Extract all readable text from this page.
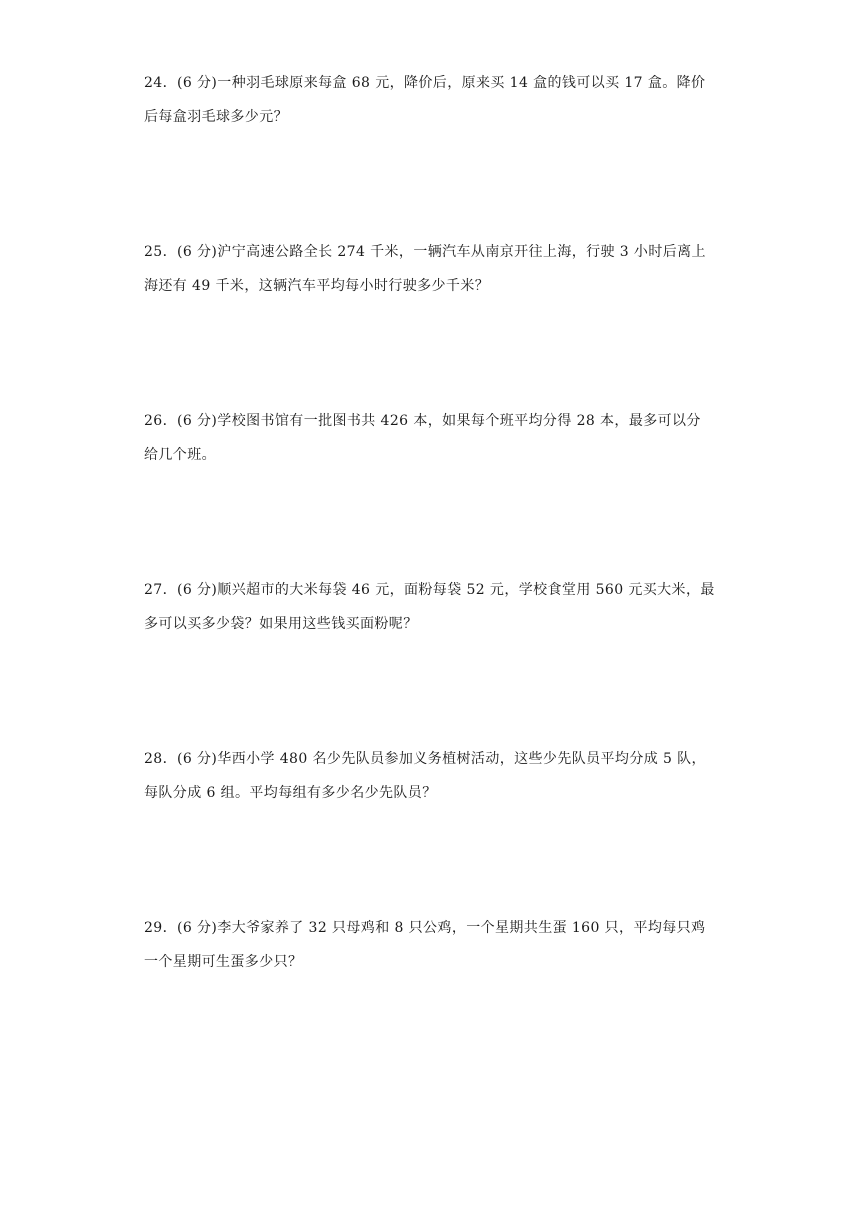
24．(6 分)一种羽毛球原来每盒 68 元，降价后，原来买 14 盒的钱可以买 17 盒。降价
后每盒羽毛球多少元？
25．(6 分)沪宁高速公路全长 274 千米，一辆汽车从南京开往上海，行驶 3 小时后离上
海还有 49 千米，这辆汽车平均每小时行驶多少千米？
26．(6 分)学校图书馆有一批图书共 426 本，如果每个班平均分得 28 本，最多可以分
给几个班。
27．(6 分)顺兴超市的大米每袋 46 元，面粉每袋 52 元，学校食堂用 560 元买大米，最
多可以买多少袋？如果用这些钱买面粉呢？
28．(6 分)华西小学 480 名少先队员参加义务植树活动，这些少先队员平均分成 5 队，
每队分成 6 组。平均每组有多少名少先队员？
29．(6 分)李大爷家养了 32 只母鸡和 8 只公鸡，一个星期共生蛋 160 只，平均每只鸡
一个星期可生蛋多少只？
